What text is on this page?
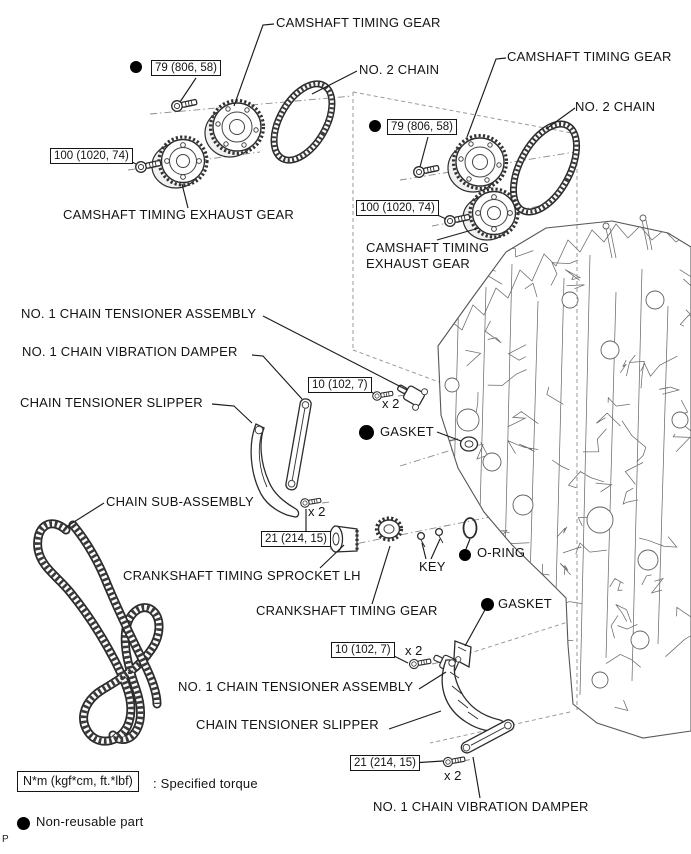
CAMSHAFT TIMING GEAR
NO. 2 CHAIN
CAMSHAFT TIMING GEAR
NO. 2 CHAIN
CAMSHAFT TIMING EXHAUST GEAR
CAMSHAFT TIMING EXHAUST GEAR
NO. 1 CHAIN TENSIONER ASSEMBLY
NO. 1 CHAIN VIBRATION DAMPER
CHAIN TENSIONER SLIPPER
GASKET
CHAIN SUB-ASSEMBLY
CRANKSHAFT TIMING SPROCKET LH
CRANKSHAFT TIMING GEAR
KEY
O-RING
GASKET
NO. 1 CHAIN TENSIONER ASSEMBLY
CHAIN TENSIONER SLIPPER
NO. 1 CHAIN VIBRATION DAMPER
79 (806, 58)
100 (1020, 74)
79 (806, 58)
100 (1020, 74)
10 (102, 7)
21 (214, 15)
10 (102, 7)
21 (214, 15)
x 2
x 2
x 2
x 2
N*m (kgf*cm, ft.*lbf)	: Specified torque
Non-reusable part
P
